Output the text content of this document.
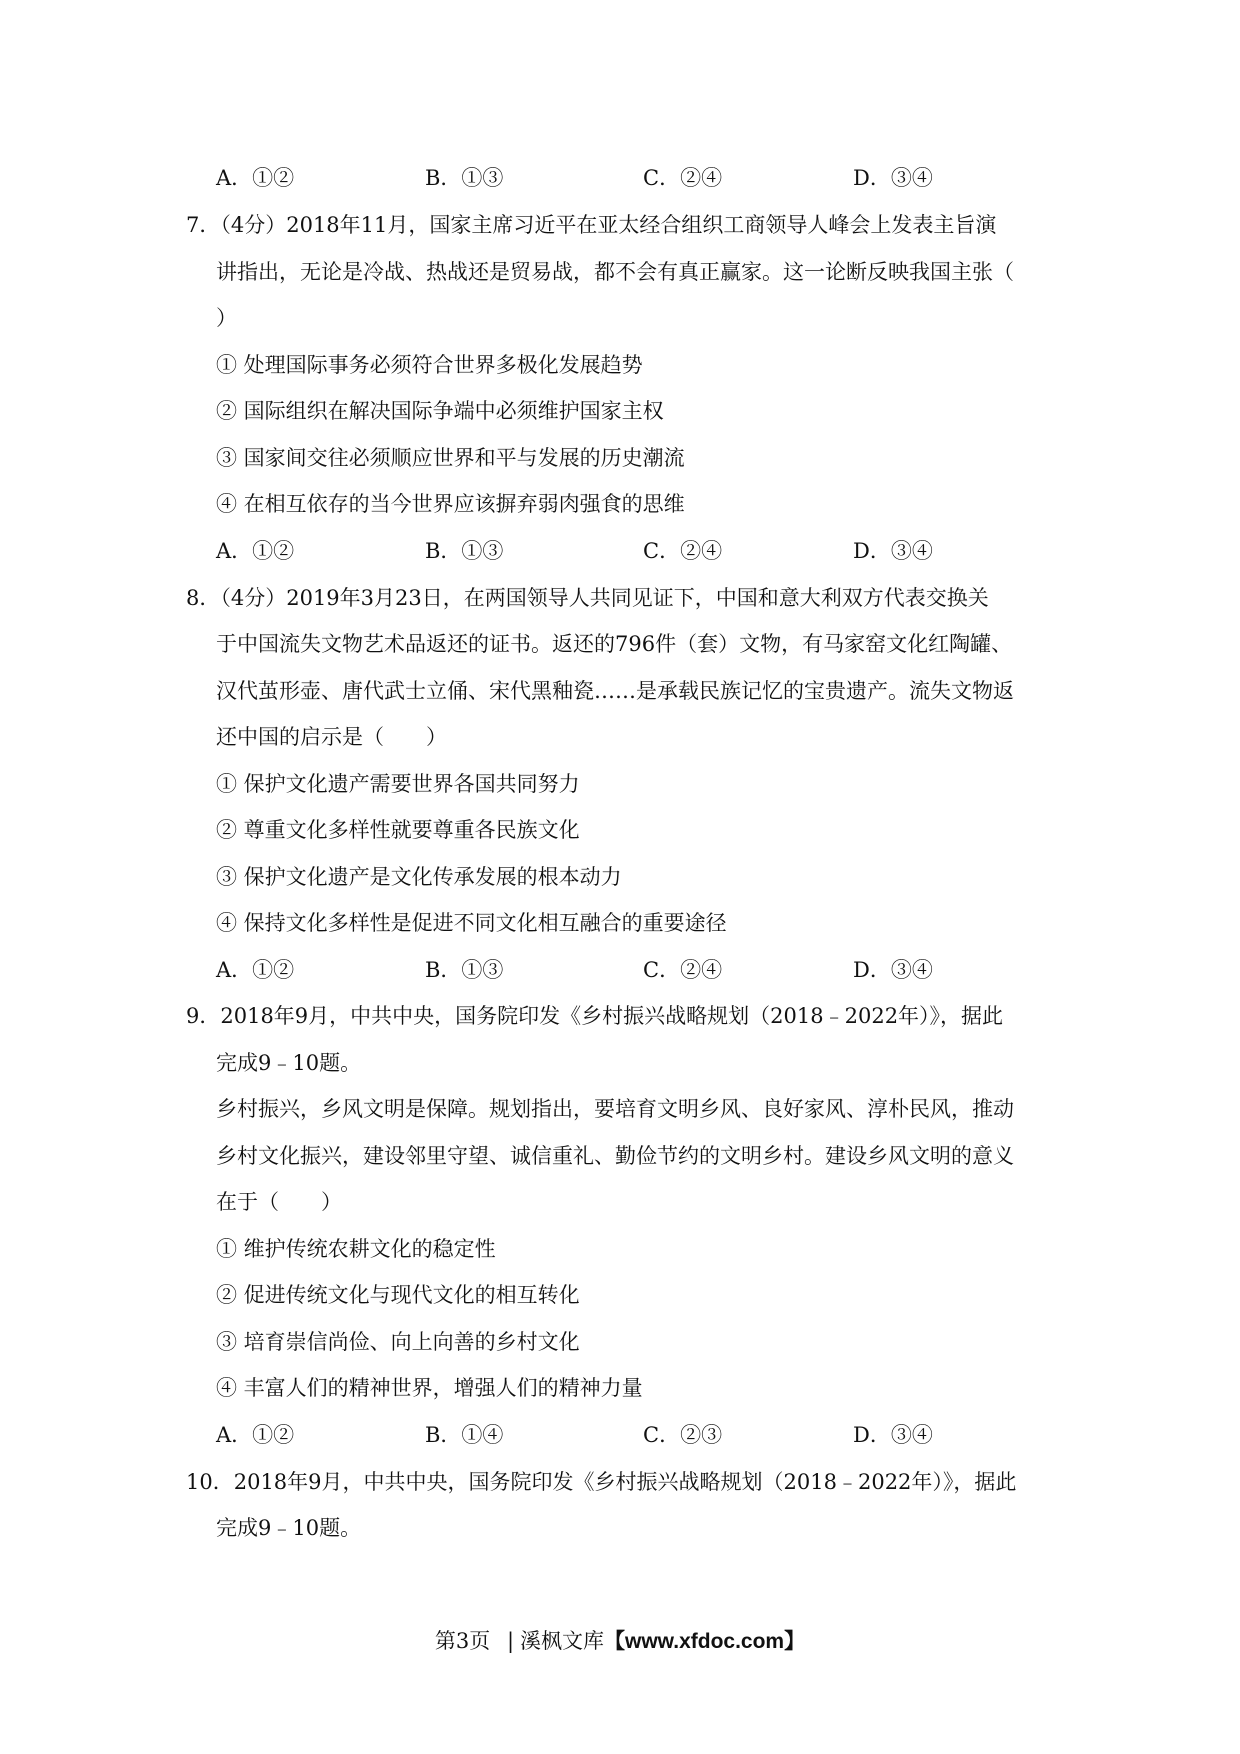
A．①②	B．①③	C．②④	D．③④
7．（4分）2018年11月，国家主席习近平在亚太经合组织工商领导人峰会上发表主旨演
讲指出，无论是冷战、热战还是贸易战，都不会有真正赢家。这一论断反映我国主张（
）
① 处理国际事务必须符合世界多极化发展趋势
② 国际组织在解决国际争端中必须维护国家主权
③ 国家间交往必须顺应世界和平与发展的历史潮流
④ 在相互依存的当今世界应该摒弃弱肉强食的思维
A．①②	B．①③	C．②④	D．③④
8．（4分）2019年3月23日，在两国领导人共同见证下，中国和意大利双方代表交换关
于中国流失文物艺术品返还的证书。返还的796件（套）文物，有马家窑文化红陶罐、
汉代茧形壶、唐代武士立俑、宋代黑釉瓷……是承载民族记忆的宝贵遗产。流失文物返
还中国的启示是（　　）
① 保护文化遗产需要世界各国共同努力
② 尊重文化多样性就要尊重各民族文化
③ 保护文化遗产是文化传承发展的根本动力
④ 保持文化多样性是促进不同文化相互融合的重要途径
A．①②	B．①③	C．②④	D．③④
9．2018年9月，中共中央，国务院印发《乡村振兴战略规划（2018﹣2022年）》，据此
完成9﹣10题。
乡村振兴，乡风文明是保障。规划指出，要培育文明乡风、良好家风、淳朴民风，推动
乡村文化振兴，建设邻里守望、诚信重礼、勤俭节约的文明乡村。建设乡风文明的意义
在于（　　）
① 维护传统农耕文化的稳定性
② 促进传统文化与现代文化的相互转化
③ 培育崇信尚俭、向上向善的乡村文化
④ 丰富人们的精神世界，增强人们的精神力量
A．①②	B．①④	C．②③	D．③④
10．2018年9月，中共中央，国务院印发《乡村振兴战略规划（2018﹣2022年）》，据此
完成9﹣10题。
第3页 | 溪枫文库【www.xfdoc.com】
